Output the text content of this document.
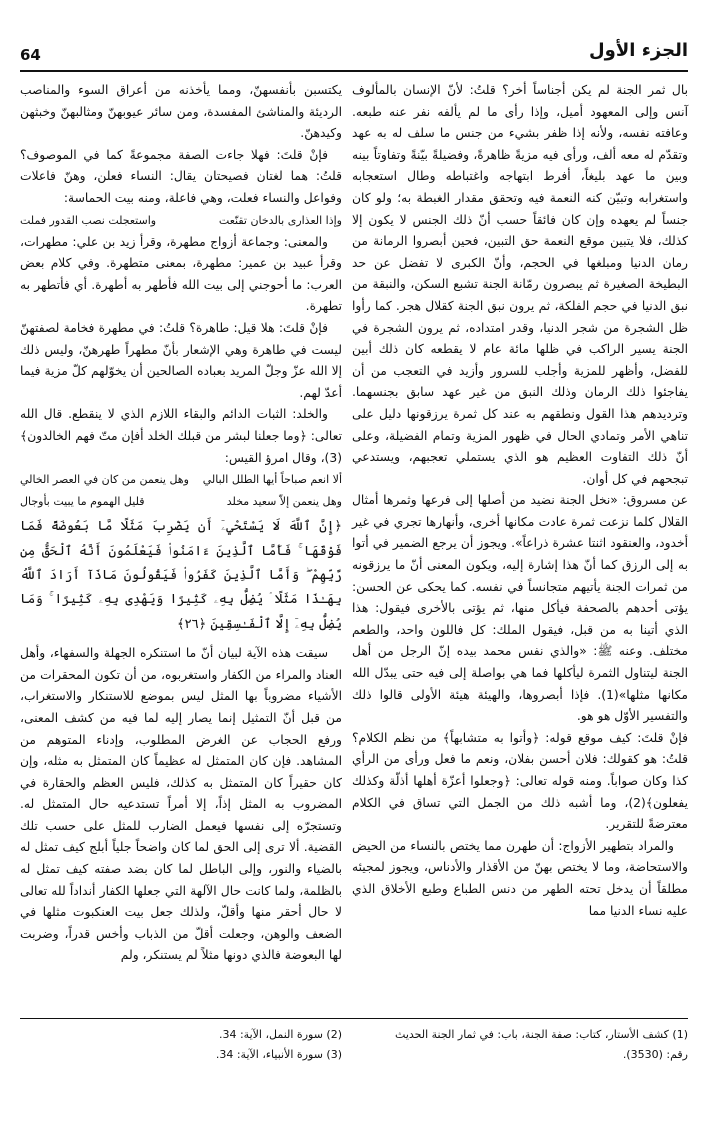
64	الجزء الأول

بال ثمر الجنة لم يكن أجناساً أخر؟ قلتُ: لأنّ الإنسان بالمألوف آنس وإلى المعهود أميل، وإذا رأى ما لم يألفه نفر عنه طبعه. وعافته نفسه، ولأنه إذا ظفر بشيء من جنس ما سلف له به عهد وتقدّم له معه ألف، ورأى فيه مزيةً ظاهرةً، وفضيلةً بيّنةً وتفاوتاً بينه وبين ما عهد بليغاً، أفرط ابتهاجه واغتباطه وطال استعجابه واستغرابه وتبيّن كنه النعمة فيه وتحقق مقدار الغبطة به؛ ولو كان جنساً لم يعهده وإن كان فائقاً حسب أنّ ذلك الجنس لا يكون إلا كذلك، فلا يتبين موقع النعمة حق التبين، فحين أبصروا الرمانة من رمان الدنيا ومبلغها في الحجم، وأنّ الكبرى لا تفضل عن حد البطيخة الصغيرة ثم يبصرون رمّانة الجنة تشبع السكن، والنبقة من نبق الدنيا في حجم الفلكة، ثم يرون نبق الجنة كقلال هجر. كما رأوا ظل الشجرة من شجر الدنيا، وقدر امتداده، ثم يرون الشجرة في الجنة يسير الراكب في ظلها مائة عام لا يقطعه كان ذلك أبين للفضل، وأظهر للمزية وأجلب للسرور وأزيد في التعجب من أن يفاجئوا ذلك الرمان وذلك النبق من غير عهد سابق بجنسهما. وترديدهم هذا القول ونطقهم به عند كل ثمرة يرزقونها دليل على تناهي الأمر وتمادي الحال في ظهور المزية وتمام الفضيلة، وعلى أنّ ذلك التفاوت العظيم هو الذي يستملي تعجبهم، ويستدعي تبجحهم في كل أوان.

عن مسروق: «نخل الجنة نضيد من أصلها إلى فرعها وثمرها أمثال القلال كلما نزعت ثمرة عادت مكانها أخرى، وأنهارها تجري في غير أخدود، والعنقود اثنتا عشرة ذراعاً». ويجوز أن يرجع الضمير في أتوا به إلى الرزق كما أنّ هذا إشارة إليه، ويكون المعنى أنّ ما يرزقونه من ثمرات الجنة يأتيهم متجانساً في نفسه. كما يحكى عن الحسن: يؤتى أحدهم بالصحفة فيأكل منها، ثم يؤتى بالأخرى فيقول: هذا الذي أتينا به من قبل، فيقول الملك: كل فاللون واحد، والطعم مختلف. وعنه ﷺ: «والذي نفس محمد بيده إنّ الرجل من أهل الجنة ليتناول الثمرة ليأكلها فما هي بواصلة إلى فيه حتى يبدّل الله مكانها مثلها»(1). فإذا أبصروها، والهيئة هيئة الأولى قالوا ذلك والتفسير الأوّل هو هو.

فإنْ قلتَ: كيف موقع قوله: ﴿وأتوا به متشابهاً﴾ من نظم الكلام؟ قلتُ: هو كقولك: فلان أحسن بفلان، ونعم ما فعل ورأى من الرأي كذا وكان صواباً. ومنه قوله تعالى: ﴿وجعلوا أعزّة أهلها أذلّة وكذلك يفعلون﴾(2)، وما أشبه ذلك من الجمل التي تساق في الكلام معترضةً للتقرير.

والمراد بتطهير الأزواج: أن طهرن مما يختص بالنساء من الحيض والاستحاضة، وما لا يختص بهنّ من الأقذار والأدناس، ويجوز لمجيئه مطلقاً أن يدخل تحته الطهر من دنس الطباع وطبع الأخلاق الذي عليه نساء الدنيا مما

يكتسبن بأنفسهنّ، ومما يأخذنه من أعراق السوء والمناصب الرديئة والمناشئ المفسدة، ومن سائر عيوبهنّ ومثالبهنّ وخبثهن وكيدهنّ.

فإنْ قلتَ: فهلا جاءت الصفة مجموعةً كما في الموصوف؟ قلتُ: هما لغتان فصيحتان يقال: النساء فعلن، وهنّ فاعلات وفواعل والنساء فعلت، وهي فاعلة، ومنه بيت الحماسة:

وإذا العذارى بالدخان تقنّعت
واستعجلت نصب القدور فملت

والمعنى: وجماعة أزواج مطهرة، وقرأ زيد بن علي: مطهرات، وقرأ عبيد بن عمير: مطهرة، بمعنى متطهرة. وفي كلام بعض العرب: ما أحوجني إلى بيت الله فأطهر به أطهرة. أي فأتطهر به تطهرة.

فإنْ قلتَ: هلا قيل: طاهرة؟ قلتُ: في مطهرة فخامة لصفتهنّ ليست في طاهرة وهي الإشعار بأنّ مطهراً طهرهنّ، وليس ذلك إلا الله عزّ وجلّ المريد بعباده الصالحين أن يخوّلهم كلّ مزية فيما أعدّ لهم.

والخلد: الثبات الدائم والبقاء اللازم الذي لا ينقطع. قال الله تعالى: ﴿وما جعلنا لبشر من قبلك الخلد أفإن متّ فهم الخالدون﴾(3)، وقال امرؤ القيس:

ألا انعم صباحاً أيها الطلل البالي
وهل ينعمن من كان في العصر الخالي
وهل ينعمن إلاّ سعيد مخلد
قليل الهموم ما يبيت بأوجال
﴿إِنَّ ٱللَّهَ لَا يَسْتَحْيِۦٓ أَن يَضْرِبَ مَثَلًا مَّا بَعُوضَةً فَمَا فَوْقَهَا ۚ فَأَمَّا ٱلَّذِينَ ءَامَنُوا۟ فَيَعْلَمُونَ أَنَّهُ ٱلْحَقُّ مِن رَّبِّهِمْ ۖ وَأَمَّا ٱلَّذِينَ كَفَرُوا۟ فَيَقُولُونَ مَاذَآ أَرَادَ ٱللَّهُ بِهَـٰذَا مَثَلًا ۘ يُضِلُّ بِهِۦ كَثِيرًا وَيَهْدِى بِهِۦ كَثِيرًا ۚ وَمَا يُضِلُّ بِهِۦٓ إِلَّا ٱلْفَـٰسِقِينَ ﴿٢٦﴾

سيقت هذه الآية لبيان أنّ ما استنكره الجهلة والسفهاء، وأهل العناد والمراء من الكفار واستغربوه، من أن تكون المحقرات من الأشياء مضروباً بها المثل ليس بموضع للاستنكار والاستغراب، من قبل أنّ التمثيل إنما يصار إليه لما فيه من كشف المعنى، ورفع الحجاب عن الغرض المطلوب، وإدناء المتوهم من المشاهد. فإن كان المتمثل له عظيماً كان المتمثل به مثله، وإن كان حقيراً كان المتمثل به كذلك، فليس العظم والحقارة في المضروب به المثل إذاً، إلا أمراً تستدعيه حال المتمثل له. وتستجرّه إلى نفسها فيعمل الضارب للمثل على حسب تلك القضية. ألا ترى إلى الحق لما كان واضحاً جلياً أبلج كيف تمثل له بالضياء والنور، وإلى الباطل لما كان بضد صفته كيف تمثل له بالظلمة، ولما كانت حال الآلهة التي جعلها الكفار أنداداً لله تعالى لا حال أحقر منها وأقلّ، ولذلك جعل بيت العنكبوت مثلها في الضعف والوهن، وجعلت أقلّ من الذباب وأخس قدراً، وضربت لها البعوضة فالذي دونها مثلاً لم يستنكر، ولم

(1) كشف الأستار، كتاب: صفة الجنة، باب: في ثمار الجنة الحديث
رقم: (3530).
(2) سورة النمل، الآية: 34.
(3) سورة الأنبياء، الآية: 34.
